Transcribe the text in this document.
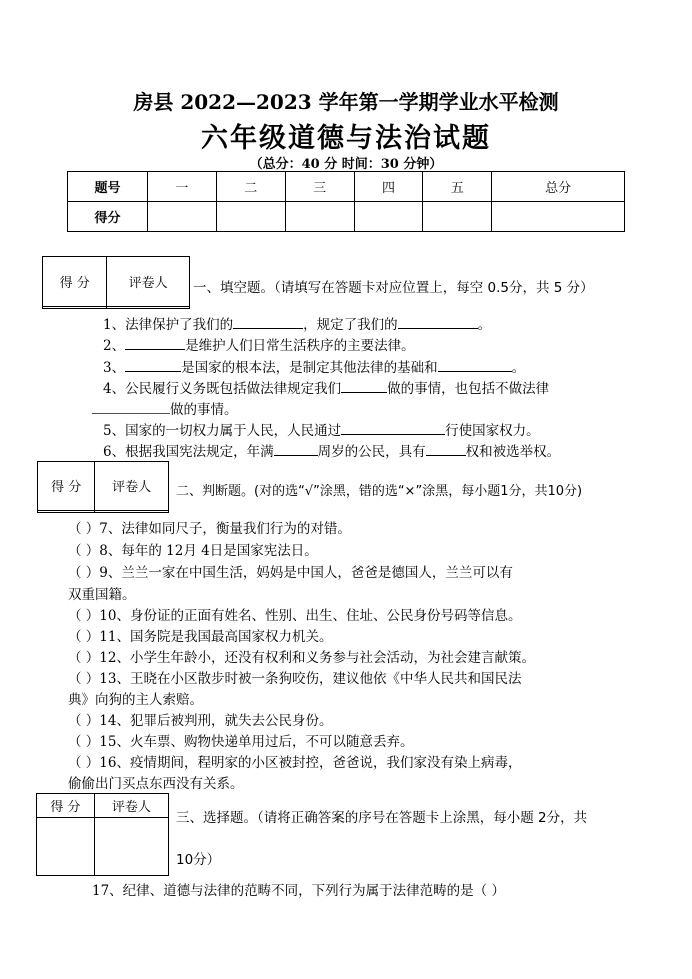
房县 2022—2023 学年第一学期学业水平检测
六年级道德与法治试题
（总分：40 分 时间：30 分钟）
题号	一	二	三	四	五	总分
得分						
得 分	评卷人
	一、填空题。（请填写在答题卡对应位置上，每空 0.5分，共 5 分）
1、法律保护了我们的	，规定了我们的	。
2、	是维护人们日常生活秩序的主要法律。
3、	是国家的根本法，是制定其他法律的基础和	。
4、公民履行义务既包括做法律规定我们	做的事情，也包括不做法律
做的事情。
5、国家的一切权力属于人民，人民通过	行使国家权力。
6、根据我国宪法规定，年满	周岁的公民，具有	权和被选举权。
得 分	评卷人
	二、判断题。(对的选“√”涂黑，错的选“×”涂黑，每小题1分，共10分)
（ ）7、法律如同尺子，衡量我们行为的对错。
（ ）8、每年的 12月 4日是国家宪法日。
（ ）9、兰兰一家在中国生活，妈妈是中国人，爸爸是德国人，兰兰可以有
双重国籍。
（ ）10、身份证的正面有姓名、性别、出生、住址、公民身份号码等信息。
（ ）11、国务院是我国最高国家权力机关。
（ ）12、小学生年龄小，还没有权利和义务参与社会活动，为社会建言献策。
（ ）13、王晓在小区散步时被一条狗咬伤，建议他依《中华人民共和国民法
典》向狗的主人索赔。
（ ）14、犯罪后被判刑，就失去公民身份。
（ ）15、火车票、购物快递单用过后，不可以随意丢弃。
（ ）16、疫情期间，程明家的小区被封控，爸爸说，我们家没有染上病毒，
偷偷出门买点东西没有关系。
得 分	评卷人

三、选择题。（请将正确答案的序号在答题卡上涂黑，每小题 2分，共
10分）
17、纪律、道德与法律的范畴不同，下列行为属于法律范畴的是（ ）
